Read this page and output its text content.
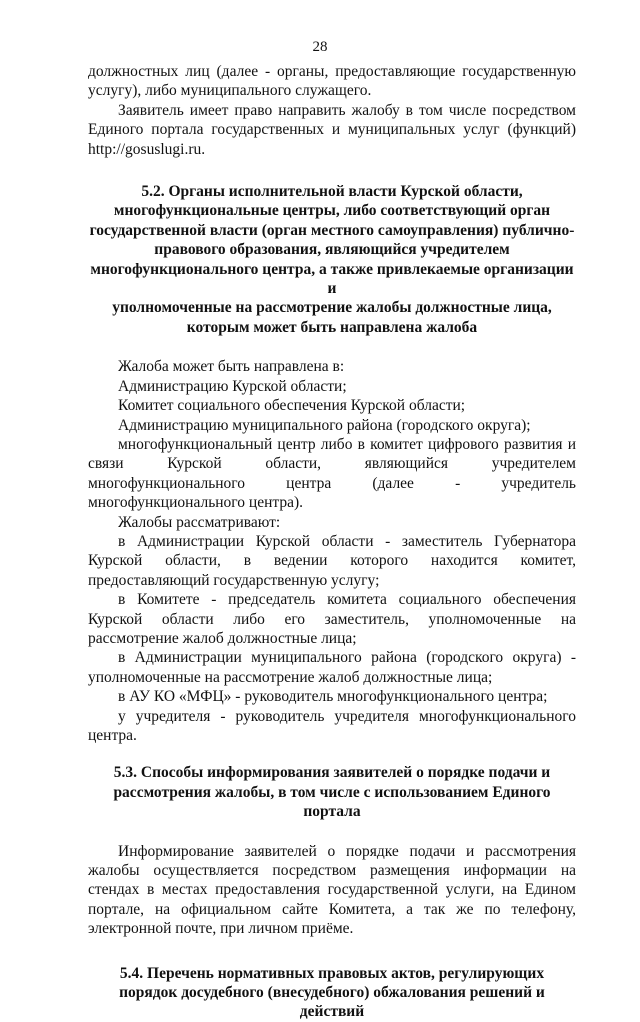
28

должностных лиц (далее - органы, предоставляющие государственную услугу), либо муниципального служащего.

Заявитель имеет право направить жалобу в том числе посредством Единого портала государственных и муниципальных услуг (функций) http://gosuslugi.ru.

5.2. Органы исполнительной власти Курской области,
многофункциональные центры, либо соответствующий орган
государственной власти (орган местного самоуправления) публично-
правового образования, являющийся учредителем
многофункционального центра, а также привлекаемые организации и
уполномоченные на рассмотрение жалобы должностные лица,
которым может быть направлена жалоба

Жалоба может быть направлена в:

Администрацию Курской области;

Комитет социального обеспечения Курской области;

Администрацию муниципального района (городского округа);

многофункциональный центр либо в комитет цифрового развития и связи Курской области, являющийся учредителем многофункционального центра (далее - учредитель многофункционального центра).

Жалобы рассматривают:

в Администрации Курской области - заместитель Губернатора Курской области, в ведении которого находится комитет, предоставляющий государственную услугу;

в Комитете - председатель комитета социального обеспечения Курской области либо его заместитель, уполномоченные на рассмотрение жалоб должностные лица;

в Администрации муниципального района (городского округа) - уполномоченные на рассмотрение жалоб должностные лица;

в АУ КО «МФЦ» - руководитель многофункционального центра;

у учредителя - руководитель учредителя многофункционального центра.

5.3. Способы информирования заявителей о порядке подачи и
рассмотрения жалобы, в том числе с использованием Единого портала

Информирование заявителей о порядке подачи и рассмотрения жалобы осуществляется посредством размещения информации на стендах в местах предоставления государственной услуги, на Едином портале, на официальном сайте Комитета, а так же по телефону, электронной почте, при личном приёме.

5.4. Перечень нормативных правовых актов, регулирующих
порядок досудебного (внесудебного) обжалования решений и действий
